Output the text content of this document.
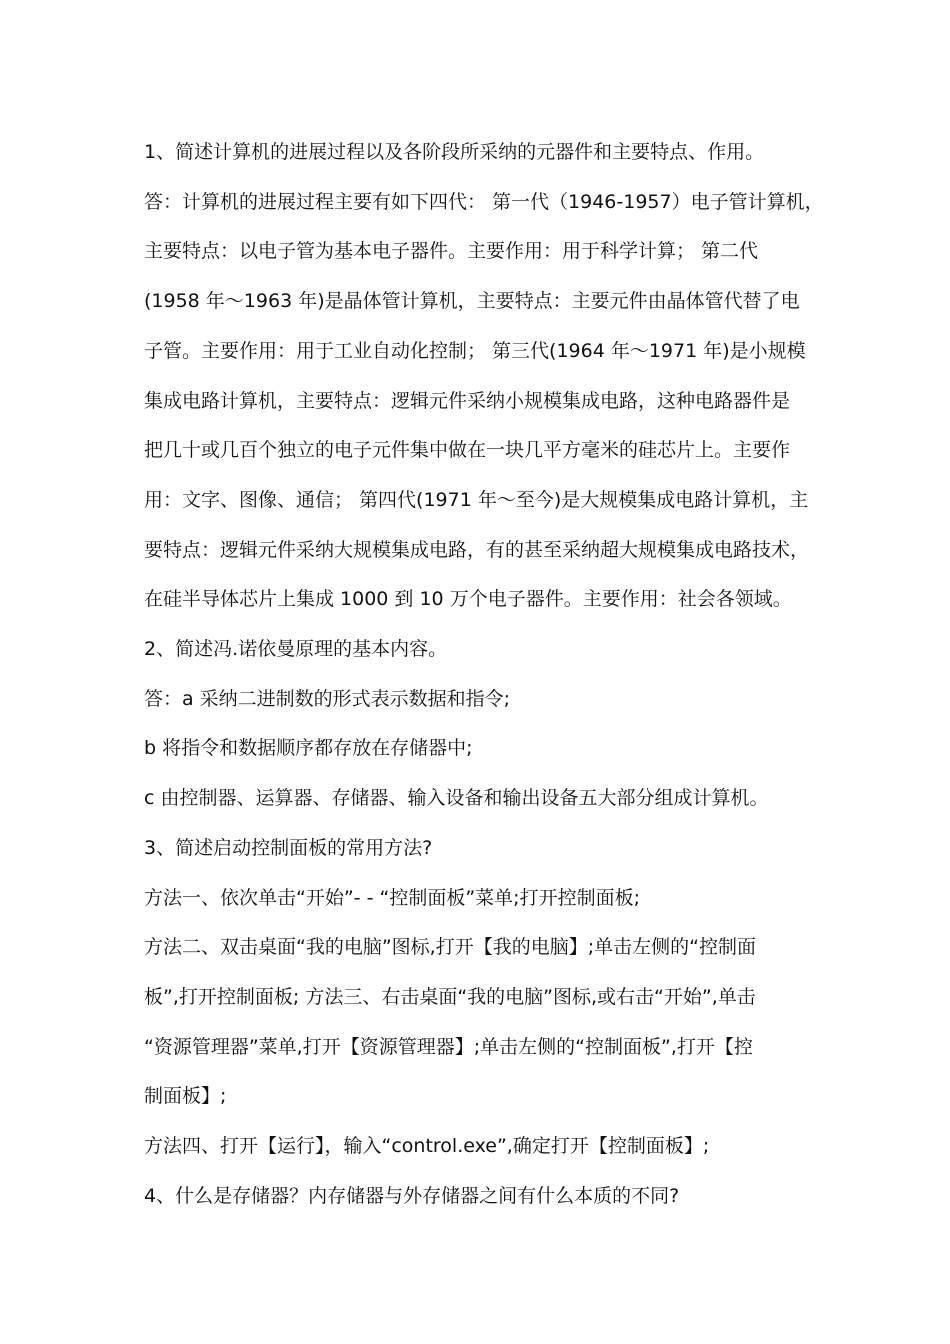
1、简述计算机的进展过程以及各阶段所采纳的元器件和主要特点、作用。

答：计算机的进展过程主要有如下四代： 第一代（1946-1957）电子管计算机，

主要特点：以电子管为基本电子器件。主要作用：用于科学计算； 第二代

(1958 年～1963 年)是晶体管计算机，主要特点：主要元件由晶体管代替了电

子管。主要作用：用于工业自动化控制； 第三代(1964 年～1971 年)是小规模

集成电路计算机，主要特点：逻辑元件采纳小规模集成电路，这种电路器件是

把几十或几百个独立的电子元件集中做在一块几平方毫米的硅芯片上。主要作

用：文字、图像、通信； 第四代(1971 年～至今)是大规模集成电路计算机，主

要特点：逻辑元件采纳大规模集成电路，有的甚至采纳超大规模集成电路技术，

在硅半导体芯片上集成 1000 到 10 万个电子器件。主要作用：社会各领域。

2、简述冯.诺依曼原理的基本内容。

答：a 采纳二进制数的形式表示数据和指令;

b 将指令和数据顺序都存放在存储器中;

c 由控制器、运算器、存储器、输入设备和输出设备五大部分组成计算机。

3、简述启动控制面板的常用方法?

方法一、依次单击“开始”- - “控制面板”菜单;打开控制面板;

方法二、双击桌面“我的电脑”图标,打开【我的电脑】;单击左侧的“控制面

板”,打开控制面板; 方法三、右击桌面“我的电脑”图标,或右击“开始”,单击

“资源管理器”菜单,打开【资源管理器】;单击左侧的“控制面板”,打开【控

制面板】;

方法四、打开【运行】，输入“control.exe”,确定打开【控制面板】;

4、什么是存储器？内存储器与外存储器之间有什么本质的不同?
